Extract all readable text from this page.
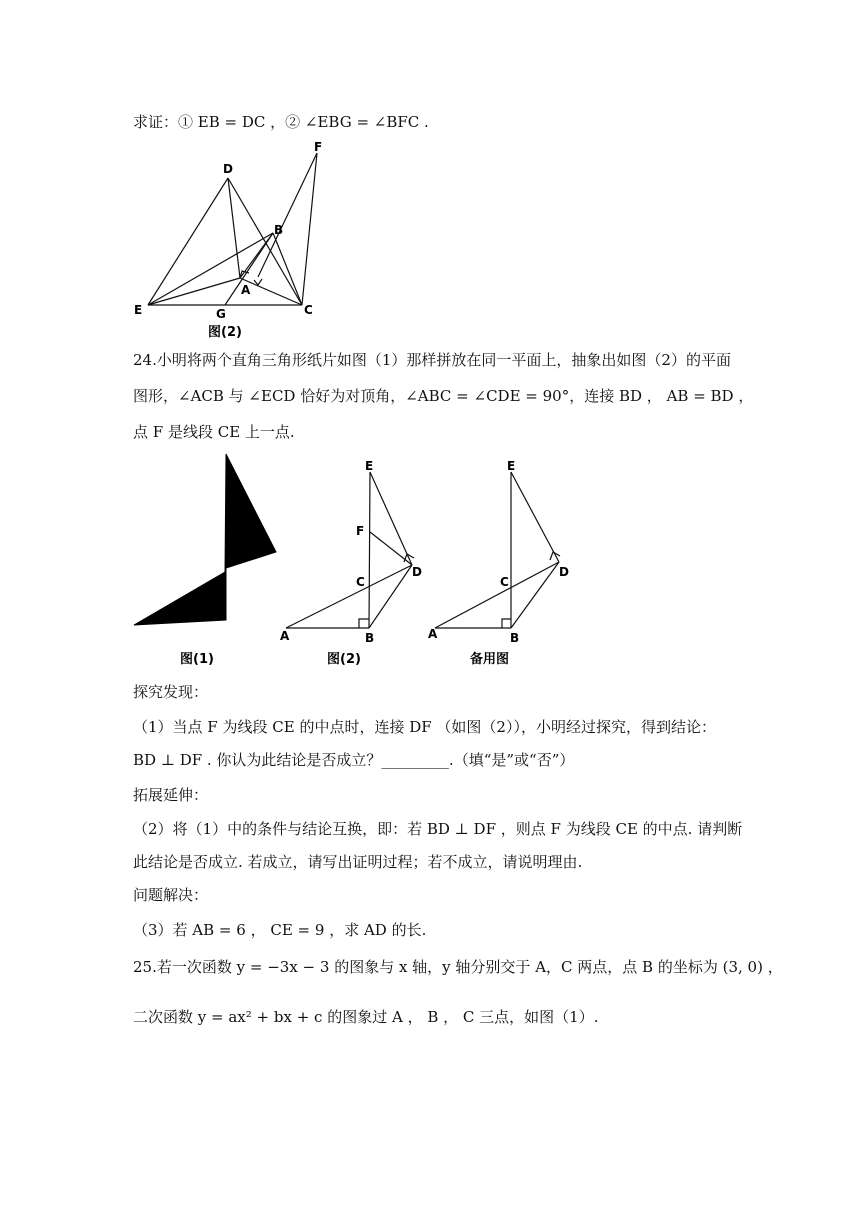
求证：① EB = DC ，② ∠EBG = ∠BFC .
D
F
B
A
E	G	C
图(2)
24.小明将两个直角三角形纸片如图（1）那样拼放在同一平面上，抽象出如图（2）的平面
图形，∠ACB 与 ∠ECD 恰好为对顶角，∠ABC = ∠CDE = 90°，连接 BD ， AB = BD ，
点 F 是线段 CE 上一点.
图(1)
E
F
C
D
A	B
图(2)
E
C
D
A	B
备用图
探究发现：
（1）当点 F 为线段 CE 的中点时，连接 DF （如图（2）），小明经过探究，得到结论：
BD ⊥ DF . 你认为此结论是否成立？_________.（填“是”或“否”）
拓展延伸：
（2）将（1）中的条件与结论互换，即：若 BD ⊥ DF ，则点 F 为线段 CE 的中点. 请判断
此结论是否成立. 若成立，请写出证明过程；若不成立，请说明理由.
问题解决：
（3）若 AB = 6 ， CE = 9 ，求 AD 的长.
25.若一次函数 y = −3x − 3 的图象与 x 轴，y 轴分别交于 A，C 两点，点 B 的坐标为 (3, 0) ，
二次函数 y = ax² + bx + c 的图象过 A ， B ， C 三点，如图（1）.
